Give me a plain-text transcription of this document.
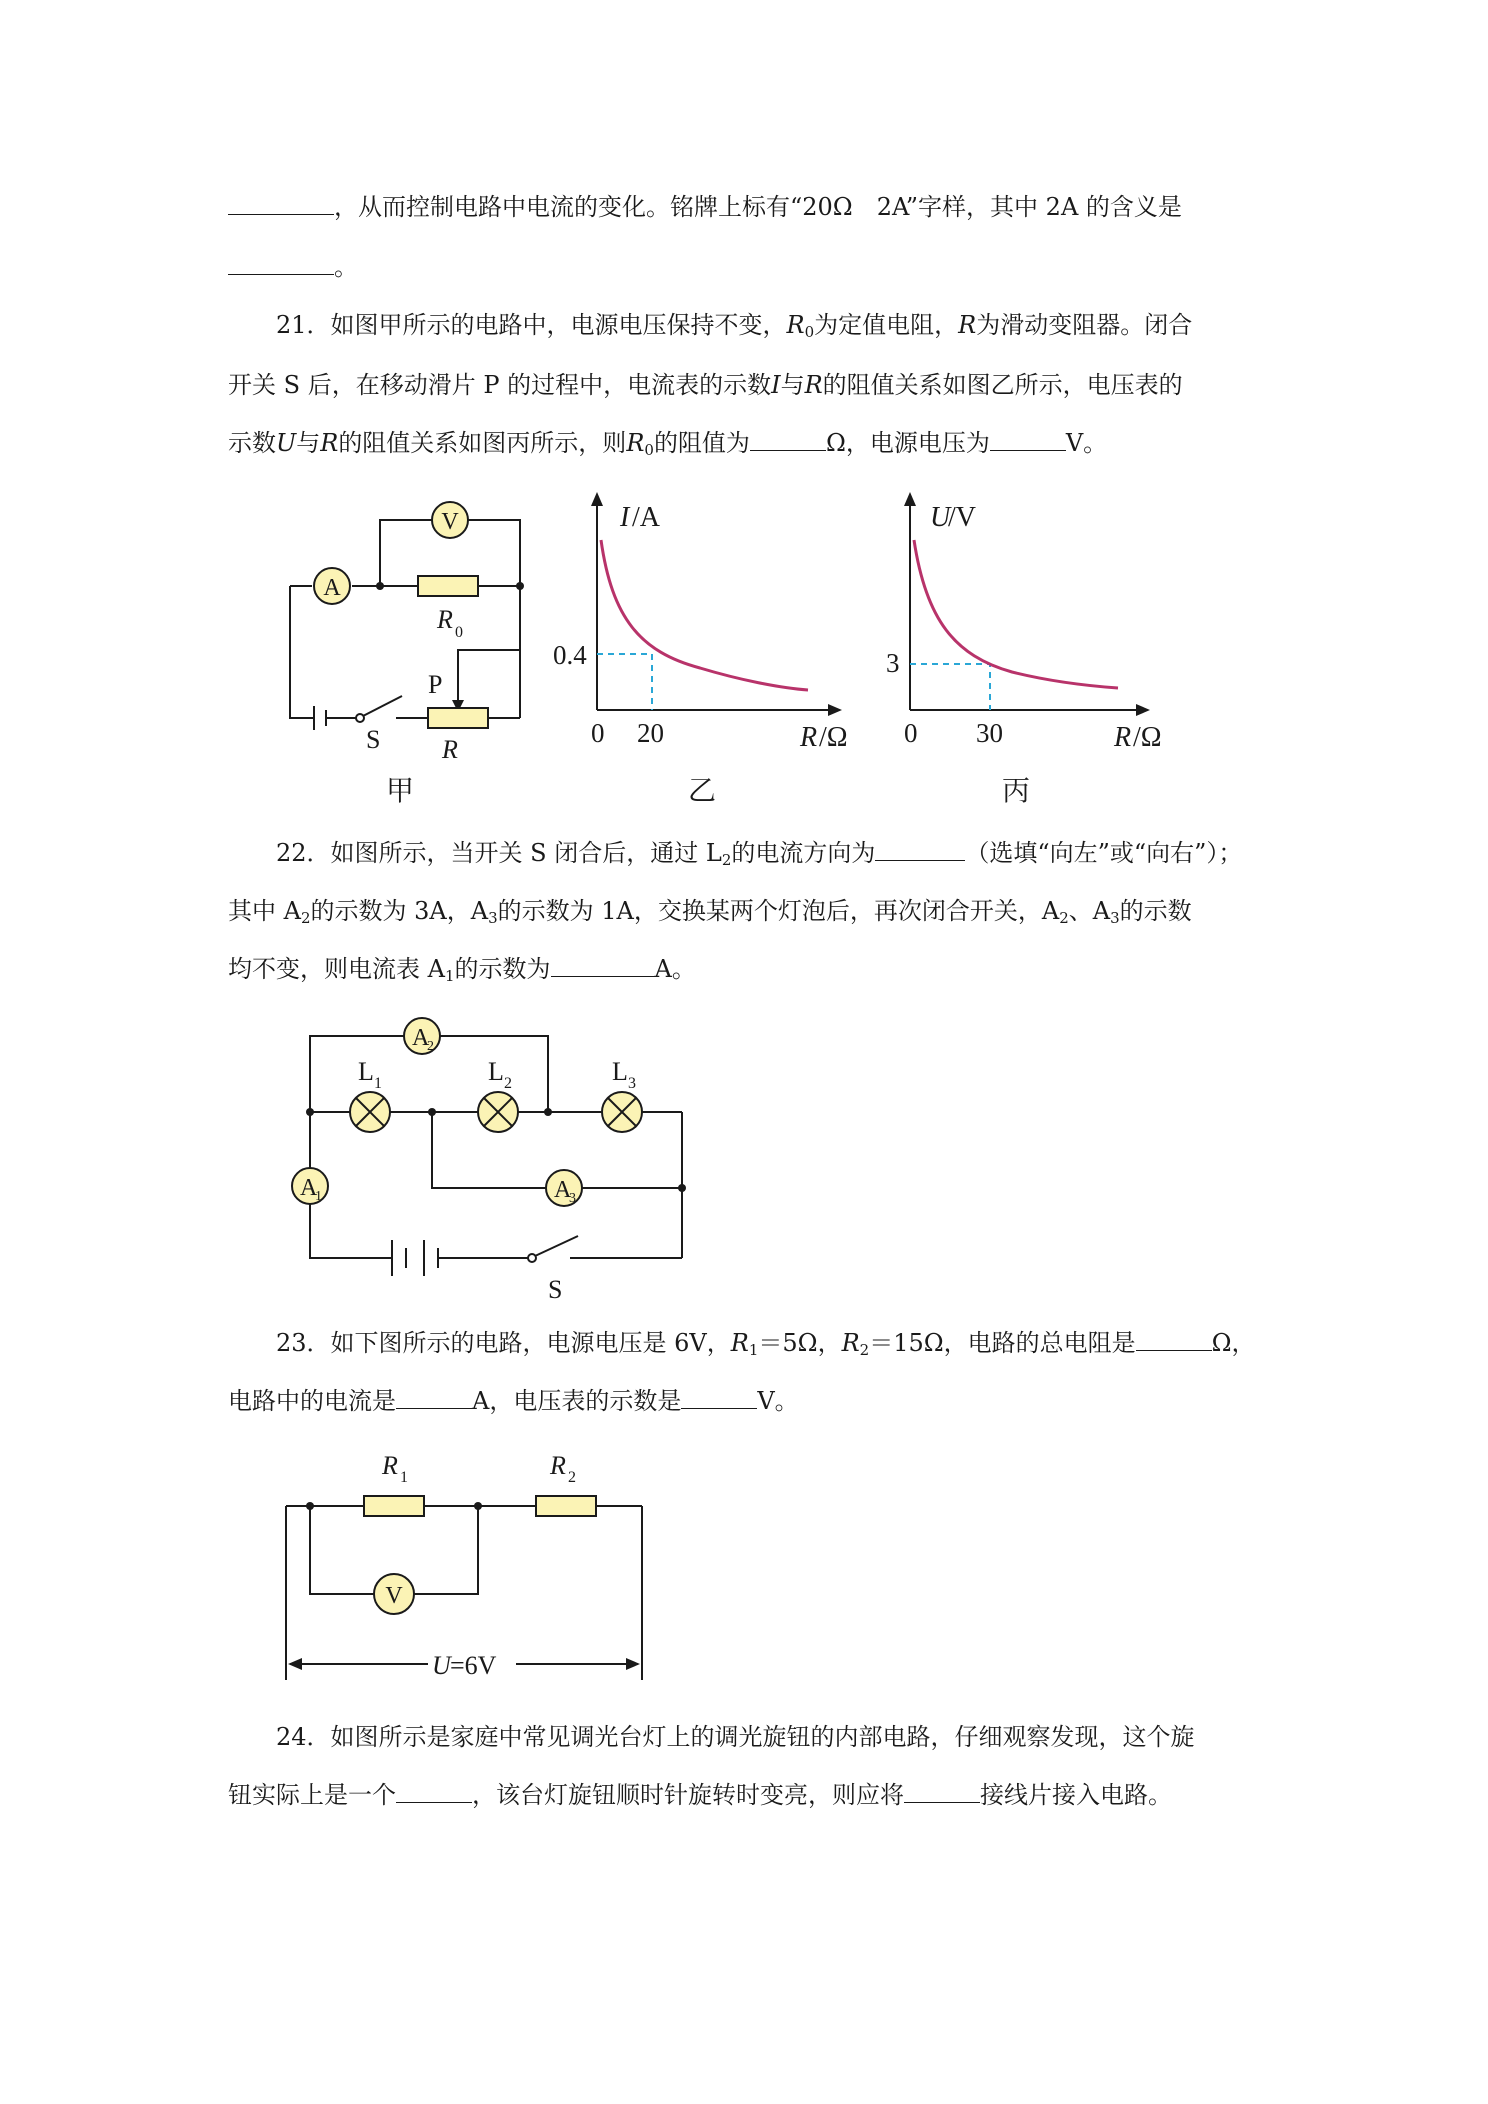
，从而控制电路中电流的变化。铭牌上标有“20Ω　2A”字样，其中 2A 的含义是
。
21．如图甲所示的电路中，电源电压保持不变，$R_0$为定值电阻，R为滑动变阻器。闭合
开关 S 后，在移动滑片 P 的过程中，电流表的示数I与R的阻值关系如图乙所示，电压表的
示数U与R的阻值关系如图丙所示，则$R_0$的阻值为	Ω，电源电压为	V。
V
A
R 0
P
S R
甲
I /A
0.4
0 20	R /Ω
乙
U
/V
3
0 30	R /Ω
丙
22．如图所示，当开关 S 闭合后，通过 $L_2$的电流方向为	（选填“向左”或“向右”）；
其中 $A_2$的示数为 3A，$A_3$的示数为 1A，交换某两个灯泡后，再次闭合开关，$A_2$、$A_3$的示数
均不变，则电流表 $A_1$的示数为	A。
A
2
A
1	A
3
L 1	L 2	L 3
S
23．如下图所示的电路，电源电压是 6V，$R_1=5\Omega$，$R_2=15\Omega$，电路的总电阻是	Ω，
电路中的电流是	A，电压表的示数是	V。
V
R 1	R 2
U =6V
24．如图所示是家庭中常见调光台灯上的调光旋钮的内部电路，仔细观察发现，这个旋
钮实际上是一个	，该台灯旋钮顺时针旋转时变亮，则应将	接线片接入电路。
